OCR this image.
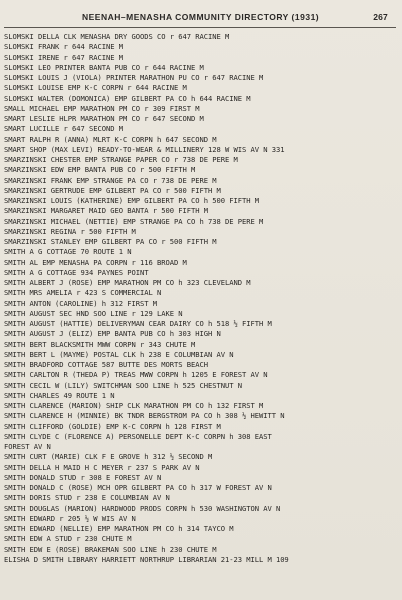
NEENAH–MENASHA COMMUNITY DIRECTORY (1931)	267
SLOMSKI DELLA CLK MENASHA DRY GOODS CO r 647 RACINE M
SLOMSKI FRANK r 644 RACINE M
SLOMSKI IRENE r 647 RACINE M
SLOMSKI LEO PRINTER BANTA PUB CO r 644 RACINE M
SLOMSKI LOUIS J (VIOLA) PRINTER MARATHON PU CO r 647 RACINE M
SLOMSKI LOUISE EMP K-C CORPN r 644 RACINE M
SLOMSKI WALTER (DOMONICA) EMP GILBERT PA CO h 644 RACINE M
SMALL MICHAEL EMP MARATHON PM CO r 309 FIRST M
SMART LESLIE HLPR MARATHON PM CO r 647 SECOND M
SMART LUCILLE r 647 SECOND M
SMART RALPH R (ANNA) MLRT K-C CORPN h 647 SECOND M
SMART SHOP (MAX LEVI) READY-TO-WEAR & MILLINERY 128 W WIS AV N 331
SMARZINSKI CHESTER EMP STRANGE PAPER CO r 738 DE PERE M
SMARZINSKI EDW EMP BANTA PUB CO r 500 FIFTH M
SMARZINSKI FRANK EMP STRANGE PA CO r 738 DE PERE M
SMARZINSKI GERTRUDE EMP GILBERT PA CO r 500 FIFTH M
SMARZINSKI LOUIS (KATHERINE) EMP GILBERT PA CO h 500 FIFTH M
SMARZINSKI MARGARET MAID GEO BANTA r 500 FIFTH M
SMARZINSKI MICHAEL (NETTIE) EMP STRANGE PA CO h 738 DE PERE M
SMARZINSKI REGINA r 500 FIFTH M
SMARZINSKI STANLEY EMP GILBERT PA CO r 500 FIFTH M
SMITH A G COTTAGE 70 ROUTE 1 N
SMITH AL EMP MENASHA PA CORPN r 116 BROAD M
SMITH A G COTTAGE 934 PAYNES POINT
SMITH ALBERT J (ROSE) EMP MARATHON PM CO h 323 CLEVELAND M
SMITH MRS AMELIA r 423 S COMMERCIAL N
SMITH ANTON (CAROLINE) h 312 FIRST M
SMITH AUGUST SEC HND SOO LINE r 129 LAKE N
SMITH AUGUST (HATTIE) DELIVERYMAN CEAR DAIRY CO h 518 ½ FIFTH M
SMITH AUGUST J (ELIZ) EMP BANTA PUB CO h 303 HIGH N
SMITH BERT BLACKSMITH MWW CORPN r 343 CHUTE M
SMITH BERT L (MAYME) POSTAL CLK h 238 E COLUMBIAN AV N
SMITH BRADFORD COTTAGE 587 BUTTE DES MORTS BEACH
SMITH CARLTON R (THEDA P) TREAS MWW CORPN h 1205 E FOREST AV N
SMITH CECIL W (LILY) SWITCHMAN SOO LINE h 525 CHESTNUT N
SMITH CHARLES 49 ROUTE 1 N
SMITH CLARENCE (MARION) SHIP CLK MARATHON PM CO h 132 FIRST M
SMITH CLARENCE H (MINNIE) BK TNDR BERGSTROM PA CO h 308 ½ HEWITT N
SMITH CLIFFORD (GOLDIE) EMP K-C CORPN h 128 FIRST M
SMITH CLYDE C (FLORENCE A) PERSONELLE DEPT K-C CORPN h 308 EAST
FOREST AV N
SMITH CURT (MARIE) CLK F E GROVE h 312 ½ SECOND M
SMITH DELLA H MAID H C MEYER r 237 S PARK AV N
SMITH DONALD STUD r 308 E FOREST AV N
SMITH DONALD C (ROSE) MCH OPR GILBERT PA CO h 317 W FOREST AV N
SMITH DORIS STUD r 238 E COLUMBIAN AV N
SMITH DOUGLAS (MARION) HARDWOOD PRODS CORPN h 530 WASHINGTON AV N
SMITH EDWARD r 205 ½ W WIS AV N
SMITH EDWARD (NELLIE) EMP MARATHON PM CO h 314 TAYCO M
SMITH EDW A STUD r 230 CHUTE M
SMITH EDW E (ROSE) BRAKEMAN SOO LINE h 230 CHUTE M
ELISHA D SMITH LIBRARY HARRIETT NORTHRUP LIBRARIAN 21-23 MILL M 109
